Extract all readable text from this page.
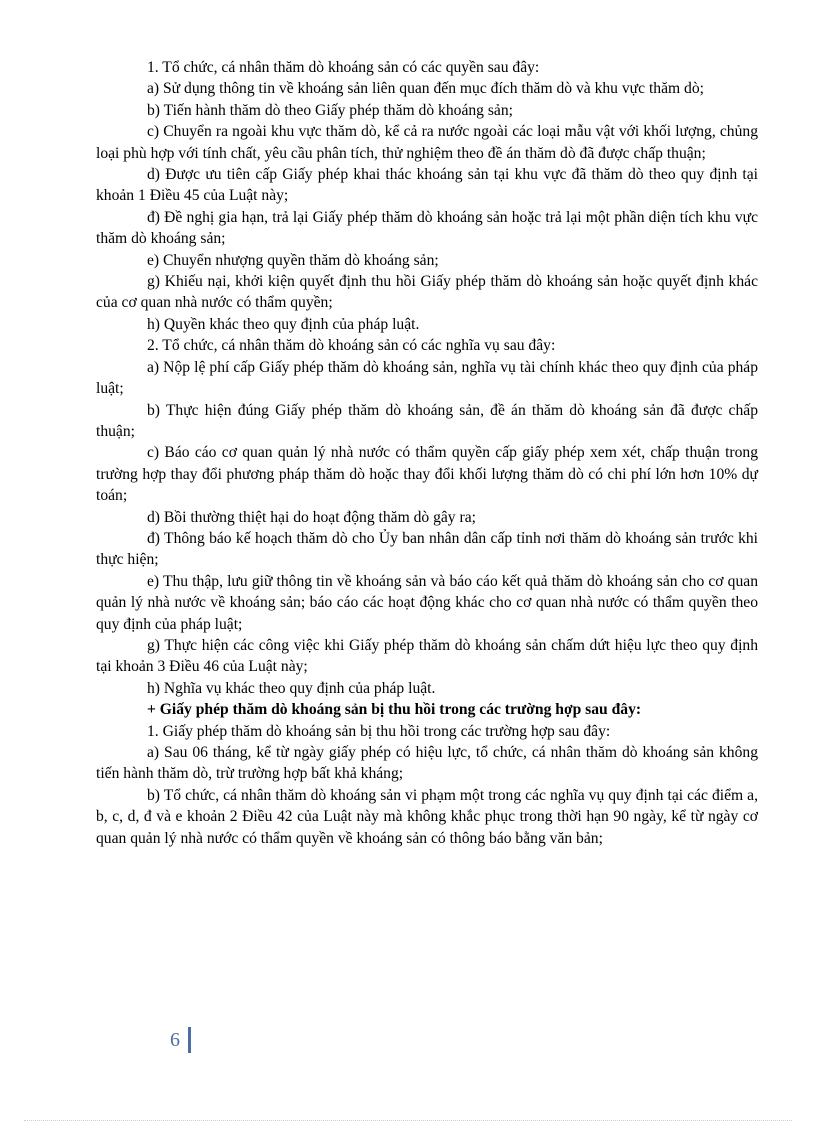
1. Tổ chức, cá nhân thăm dò khoáng sản có các quyền sau đây:

a) Sử dụng thông tin về khoáng sản liên quan đến mục đích thăm dò và khu vực thăm dò;

b) Tiến hành thăm dò theo Giấy phép thăm dò khoáng sản;

c) Chuyển ra ngoài khu vực thăm dò, kể cả ra nước ngoài các loại mẫu vật với khối lượng, chủng loại phù hợp với tính chất, yêu cầu phân tích, thử nghiệm theo đề án thăm dò đã được chấp thuận;

d) Được ưu tiên cấp Giấy phép khai thác khoáng sản tại khu vực đã thăm dò theo quy định tại khoản 1 Điều 45 của Luật này;

đ) Đề nghị gia hạn, trả lại Giấy phép thăm dò khoáng sản hoặc trả lại một phần diện tích khu vực thăm dò khoáng sản;

e) Chuyển nhượng quyền thăm dò khoáng sản;

g) Khiếu nại, khởi kiện quyết định thu hồi Giấy phép thăm dò khoáng sản hoặc quyết định khác của cơ quan nhà nước có thẩm quyền;

h) Quyền khác theo quy định của pháp luật.

2. Tổ chức, cá nhân thăm dò khoáng sản có các nghĩa vụ sau đây:

a) Nộp lệ phí cấp Giấy phép thăm dò khoáng sản, nghĩa vụ tài chính khác theo quy định của pháp luật;

b) Thực hiện đúng Giấy phép thăm dò khoáng sản, đề án thăm dò khoáng sản đã được chấp thuận;

c) Báo cáo cơ quan quản lý nhà nước có thẩm quyền cấp giấy phép xem xét, chấp thuận trong trường hợp thay đổi phương pháp thăm dò hoặc thay đổi khối lượng thăm dò có chi phí lớn hơn 10% dự toán;

d) Bồi thường thiệt hại do hoạt động thăm dò gây ra;

đ) Thông báo kế hoạch thăm dò cho Ủy ban nhân dân cấp tỉnh nơi thăm dò khoáng sản trước khi thực hiện;

e) Thu thập, lưu giữ thông tin về khoáng sản và báo cáo kết quả thăm dò khoáng sản cho cơ quan quản lý nhà nước về khoáng sản; báo cáo các hoạt động khác cho cơ quan nhà nước có thẩm quyền theo quy định của pháp luật;

g) Thực hiện các công việc khi Giấy phép thăm dò khoáng sản chấm dứt hiệu lực theo quy định tại khoản 3 Điều 46 của Luật này;

h) Nghĩa vụ khác theo quy định của pháp luật.

+ Giấy phép thăm dò khoáng sản bị thu hồi trong các trường hợp sau đây:

1. Giấy phép thăm dò khoáng sản bị thu hồi trong các trường hợp sau đây:

a) Sau 06 tháng, kể từ ngày giấy phép có hiệu lực, tổ chức, cá nhân thăm dò khoáng sản không tiến hành thăm dò, trừ trường hợp bất khả kháng;

b) Tổ chức, cá nhân thăm dò khoáng sản vi phạm một trong các nghĩa vụ quy định tại các điểm a, b, c, d, đ và e khoản 2 Điều 42 của Luật này mà không khắc phục trong thời hạn 90 ngày, kể từ ngày cơ quan quản lý nhà nước có thẩm quyền về khoáng sản có thông báo bằng văn bản;

6
